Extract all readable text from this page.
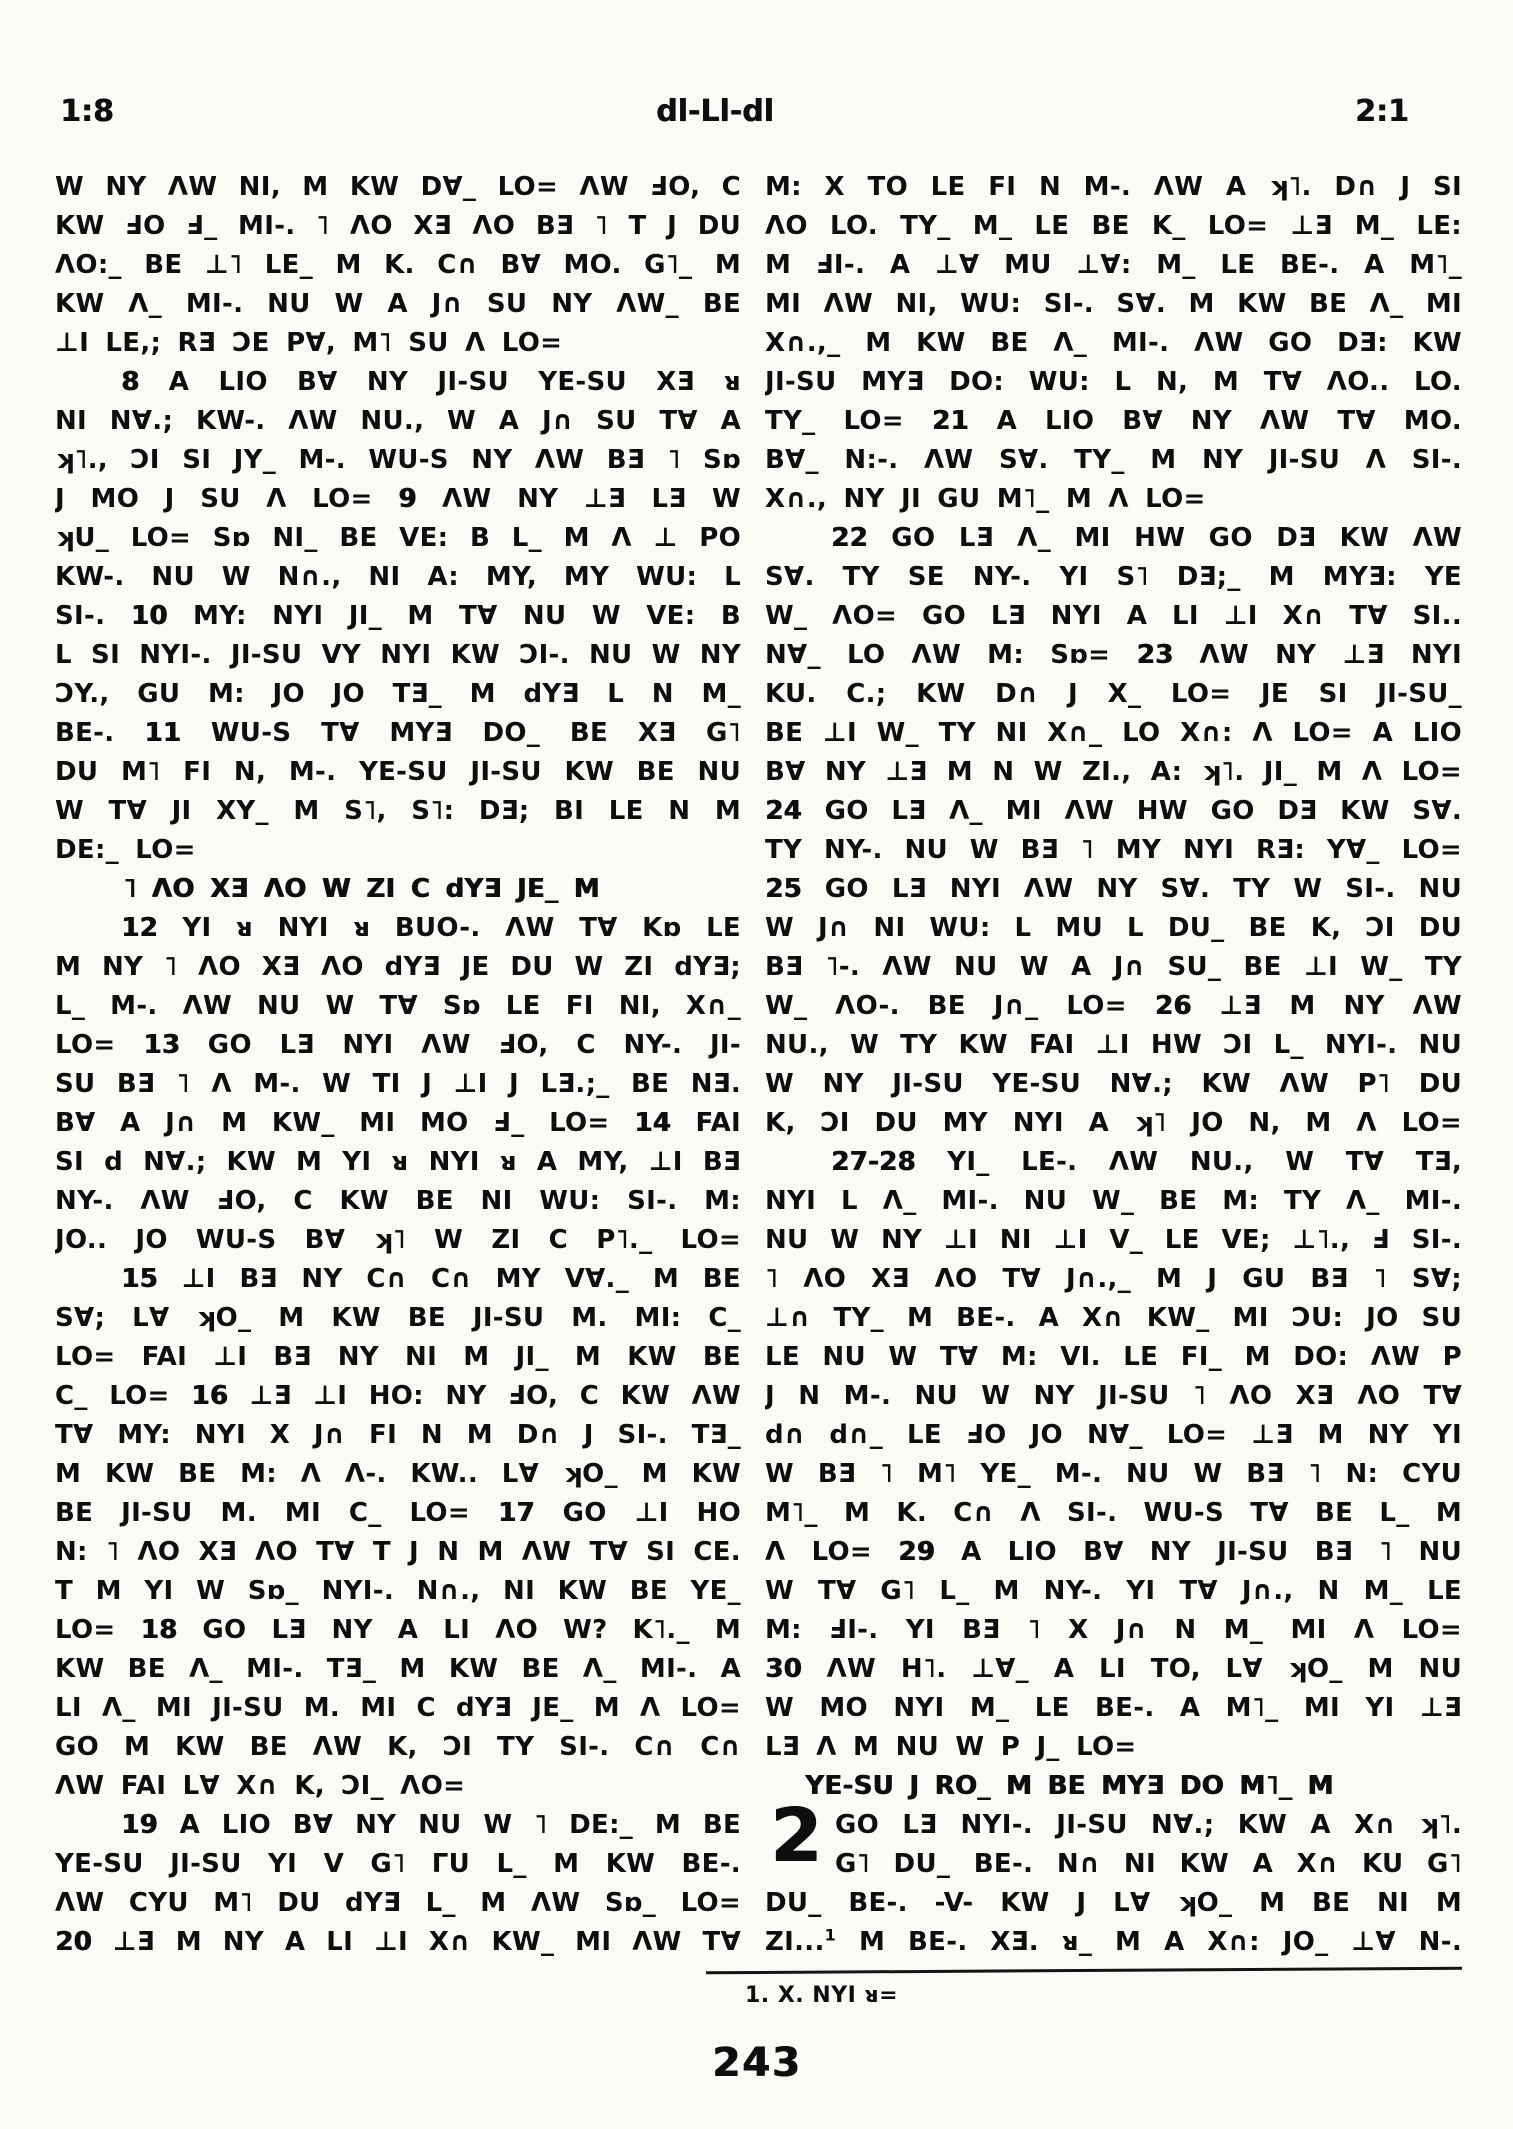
1:8	dl-Ll-dl	2:1
W NY ΛW NI, M KW D∀_ LO= ΛW ℲO, C
KW ℲO Ⅎ_ MI-. ˥ ΛO XƎ ΛO BƎ ˥ T J DU
ΛO:_ BE ⊥˥ LE_ M K. C∩ B∀ MO. G˥_ M
KW Λ_ MI-. NU W A J∩ SU NY ΛW_ BE
⊥I LE,; RƎ ƆE P∀, M˥ SU Λ LO=
8 A LIO B∀ NY JI-SU YE-SU XƎ ᴚ
NI N∀.; KW-. ΛW NU., W A J∩ SU T∀ A
ʞ˥., ƆI SI JY_ M-. WU-S NY ΛW BƎ ˥ Sɒ
J MO J SU Λ LO= 9 ΛW NY ⊥Ǝ LƎ W
ʞU_ LO= Sɒ NI_ BE VE: B L_ M Λ ⊥ PO
KW-. NU W N∩., NI A: MY, MY WU: L
SI-. 10 MY: NYI JI_ M T∀ NU W VE: B
L SI NYI-. JI-SU VY NYI KW ƆI-. NU W NY
ƆY., GU M: JO JO TƎ_ M dYƎ L N M_
BE-. 11 WU-S T∀ MYƎ DO_ BE XƎ G˥
DU M˥ FI N, M-. YE-SU JI-SU KW BE NU
W T∀ JI XY_ M S˥, S˥: DƎ; BI LE N M
DE:_ LO=
˥ ΛO XƎ ΛO W ZI C dYƎ JE_ M
12 YI ᴚ NYI ᴚ BUO-. ΛW T∀ Kɒ LE
M NY ˥ ΛO XƎ ΛO dYƎ JE DU W ZI dYƎ;
L_ M-. ΛW NU W T∀ Sɒ LE FI NI, X∩_
LO= 13 GO LƎ NYI ΛW ℲO, C NY-. JI-
SU BƎ ˥ Λ M-. W TI J ⊥I J LƎ.;_ BE NƎ.
B∀ A J∩ M KW_ MI MO Ⅎ_ LO= 14 FAI
SI d N∀.; KW M YI ᴚ NYI ᴚ A MY, ⊥I BƎ
NY-. ΛW ℲO, C KW BE NI WU: SI-. M:
JO.. JO WU-S B∀ ʞ˥ W ZI C P˥._ LO=
15 ⊥I BƎ NY C∩ C∩ MY V∀._ M BE
S∀; L∀ ʞO_ M KW BE JI-SU M. MI: C_
LO= FAI ⊥I BƎ NY NI M JI_ M KW BE
C_ LO= 16 ⊥Ǝ ⊥I HO: NY ℲO, C KW ΛW
T∀ MY: NYI X J∩ FI N M D∩ J SI-. TƎ_
M KW BE M: Λ Λ-. KW.. L∀ ʞO_ M KW
BE JI-SU M. MI C_ LO= 17 GO ⊥I HO
N: ˥ ΛO XƎ ΛO T∀ T J N M ΛW T∀ SI CE.
T M YI W Sɒ_ NYI-. N∩., NI KW BE YE_
LO= 18 GO LƎ NY A LI ΛO W? K˥._ M
KW BE Λ_ MI-. TƎ_ M KW BE Λ_ MI-. A
LI Λ_ MI JI-SU M. MI C dYƎ JE_ M Λ LO=
GO M KW BE ΛW K, ƆI TY SI-. C∩ C∩
ΛW FAI L∀ X∩ K, ƆI_ ΛO=
19 A LIO B∀ NY NU W ˥ DE:_ M BE
YE-SU JI-SU YI V G˥ ΓU L_ M KW BE-.
ΛW CYU M˥ DU dYƎ L_ M ΛW Sɒ_ LO=
20 ⊥Ǝ M NY A LI ⊥I X∩ KW_ MI ΛW T∀
M: X TO LE FI N M-. ΛW A ʞ˥. D∩ J SI
ΛO LO. TY_ M_ LE BE K_ LO= ⊥Ǝ M_ LE:
M ℲI-. A ⊥∀ MU ⊥∀: M_ LE BE-. A M˥_
MI ΛW NI, WU: SI-. S∀. M KW BE Λ_ MI
X∩.,_ M KW BE Λ_ MI-. ΛW GO DƎ: KW
JI-SU MYƎ DO: WU: L N, M T∀ ΛO.. LO.
TY_ LO= 21 A LIO B∀ NY ΛW T∀ MO.
B∀_ N:-. ΛW S∀. TY_ M NY JI-SU Λ SI-.
X∩., NY JI GU M˥_ M Λ LO=
22 GO LƎ Λ_ MI HW GO DƎ KW ΛW
S∀. TY SE NY-. YI S˥ DƎ;_ M MYƎ: YE
W_ ΛO= GO LƎ NYI A LI ⊥I X∩ T∀ SI..
N∀_ LO ΛW M: Sɒ= 23 ΛW NY ⊥Ǝ NYI
KU. C.; KW D∩ J X_ LO= JE SI JI-SU_
BE ⊥I W_ TY NI X∩_ LO X∩: Λ LO= A LIO
B∀ NY ⊥Ǝ M N W ZI., A: ʞ˥. JI_ M Λ LO=
24 GO LƎ Λ_ MI ΛW HW GO DƎ KW S∀.
TY NY-. NU W BƎ ˥ MY NYI RƎ: Y∀_ LO=
25 GO LƎ NYI ΛW NY S∀. TY W SI-. NU
W J∩ NI WU: L MU L DU_ BE K, ƆI DU
BƎ ˥-. ΛW NU W A J∩ SU_ BE ⊥I W_ TY
W_ ΛO-. BE J∩_ LO= 26 ⊥Ǝ M NY ΛW
NU., W TY KW FAI ⊥I HW ƆI L_ NYI-. NU
W NY JI-SU YE-SU N∀.; KW ΛW P˥ DU
K, ƆI DU MY NYI A ʞ˥ JO N, M Λ LO=
27-28 YI_ LE-. ΛW NU., W T∀ TƎ,
NYI L Λ_ MI-. NU W_ BE M: TY Λ_ MI-.
NU W NY ⊥I NI ⊥I V_ LE VE; ⊥˥., Ⅎ SI-.
˥ ΛO XƎ ΛO T∀ J∩.,_ M J GU BƎ ˥ S∀;
⊥∩ TY_ M BE-. A X∩ KW_ MI ƆU: JO SU
LE NU W T∀ M: VI. LE FI_ M DO: ΛW P
J N M-. NU W NY JI-SU ˥ ΛO XƎ ΛO T∀
d∩ d∩_ LE ℲO JO N∀_ LO= ⊥Ǝ M NY YI
W BƎ ˥ M˥ YE_ M-. NU W BƎ ˥ N: CYU
M˥_ M K. C∩ Λ SI-. WU-S T∀ BE L_ M
Λ LO= 29 A LIO B∀ NY JI-SU BƎ ˥ NU
W T∀ G˥ L_ M NY-. YI T∀ J∩., N M_ LE
M: ℲI-. YI BƎ ˥ X J∩ N M_ MI Λ LO=
30 ΛW H˥. ⊥∀_ A LI TO, L∀ ʞO_ M NU
W MO NYI M_ LE BE-. A M˥_ MI YI ⊥Ǝ
LƎ Λ M NU W P J_ LO=
YE-SU J RO_ M BE MYƎ DO M˥_ M
GO LƎ NYI-. JI-SU N∀.; KW A X∩ ʞ˥.
G˥ DU_ BE-. N∩ NI KW A X∩ KU G˥
DU_ BE-. -V- KW J L∀ ʞO_ M BE NI M
ZI...$^1$ M BE-. XƎ. ᴚ_ M A X∩: JO_ ⊥∀ N-.
2
1. X. NYI ᴚ=
243
